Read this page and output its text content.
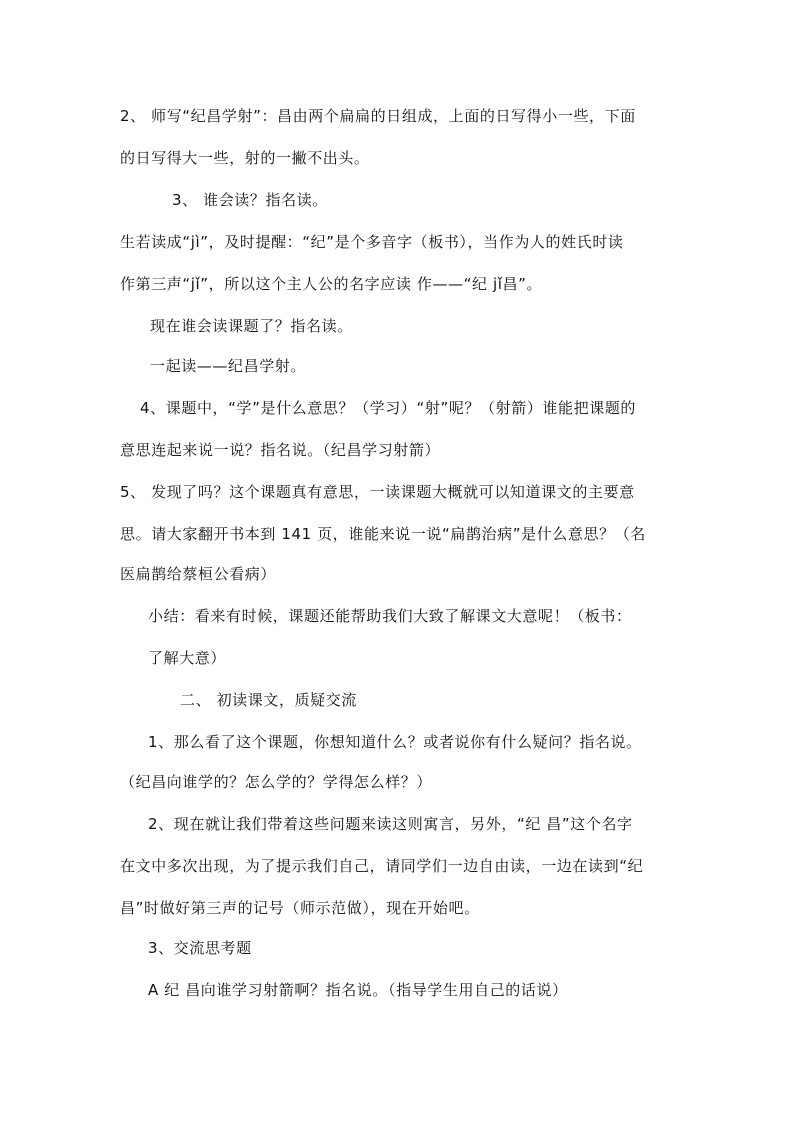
2、 师写“纪昌学射”：昌由两个扁扁的日组成，上面的日写得小一些，下面
的日写得大一些，射的一撇不出头。
3、 谁会读？指名读。
生若读成“jì”，及时提醒：“纪”是个多音字（板书），当作为人的姓氏时读
作第三声“jǐ”，所以这个主人公的名字应读 作——“纪 jǐ昌”。
现在谁会读课题了？指名读。
一起读——纪昌学射。
4、课题中，“学”是什么意思？（学习）“射”呢？（射箭）谁能把课题的
意思连起来说一说？指名说。（纪昌学习射箭）
5、 发现了吗？这个课题真有意思，一读课题大概就可以知道课文的主要意
思。请大家翻开书本到 141 页，谁能来说一说“扁鹊治病”是什么意思？（名
医扁鹊给蔡桓公看病）
小结：看来有时候，课题还能帮助我们大致了解课文大意呢！（板书：
了解大意）
二、 初读课文，质疑交流
1、那么看了这个课题，你想知道什么？或者说你有什么疑问？指名说。
（纪昌向谁学的？怎么学的？学得怎么样？）
2、现在就让我们带着这些问题来读这则寓言，另外，“纪 昌”这个名字
在文中多次出现，为了提示我们自己，请同学们一边自由读，一边在读到“纪
昌”时做好第三声的记号（师示范做），现在开始吧。
3、交流思考题
A 纪 昌向谁学习射箭啊？指名说。（指导学生用自己的话说）
